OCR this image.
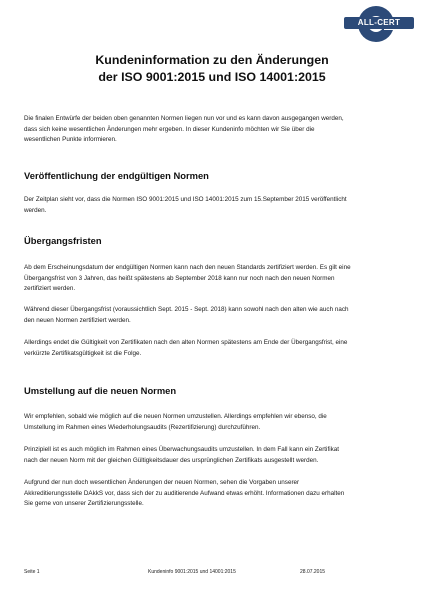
ALL-CERT
Kundeninformation zu den Änderungen
der ISO 9001:2015 und ISO 14001:2015
Die finalen Entwürfe der beiden oben genannten Normen liegen nun vor und es kann davon ausgegangen werden,
dass sich keine wesentlichen Änderungen mehr ergeben. In dieser Kundeninfo möchten wir Sie über die
wesentlichen Punkte informieren.
Veröffentlichung der endgültigen Normen
Der Zeitplan sieht vor, dass die Normen ISO 9001:2015 und ISO 14001:2015 zum 15.September 2015 veröffentlicht
werden.
Übergangsfristen
Ab dem Erscheinungsdatum der endgültigen Normen kann nach den neuen Standards zertifiziert werden. Es gilt eine
Übergangsfrist von 3 Jahren, das heißt spätestens ab September 2018 kann nur noch nach den neuen Normen
zertifiziert werden.
Während dieser Übergangsfrist (voraussichtlich Sept. 2015 - Sept. 2018) kann sowohl nach den alten wie auch nach
den neuen Normen zertifiziert werden.
Allerdings endet die Gültigkeit von Zertifikaten nach den alten Normen spätestens am Ende der Übergangsfrist, eine
verkürzte Zertifikatsgültigkeit ist die Folge.
Umstellung auf die neuen Normen
Wir empfehlen, sobald wie möglich auf die neuen Normen umzustellen. Allerdings empfehlen wir ebenso, die
Umstellung im Rahmen eines Wiederholungsaudits (Rezertifizierung) durchzuführen.
Prinzipiell ist es auch möglich im Rahmen eines Überwachungsaudits umzustellen. In dem Fall kann ein Zertifikat
nach der neuen Norm mit der gleichen Gültigkeitsdauer des ursprünglichen Zertifikats ausgestellt werden.
Aufgrund der nun doch wesentlichen Änderungen der neuen Normen, sehen die Vorgaben unserer
Akkreditierungsstelle DAkkS vor, dass sich der zu auditierende Aufwand etwas erhöht. Informationen dazu erhalten
Sie gerne von unserer Zertifizierungsstelle.
Seite 1	Kundeninfo 9001:2015 und 14001:2015	28.07.2015
